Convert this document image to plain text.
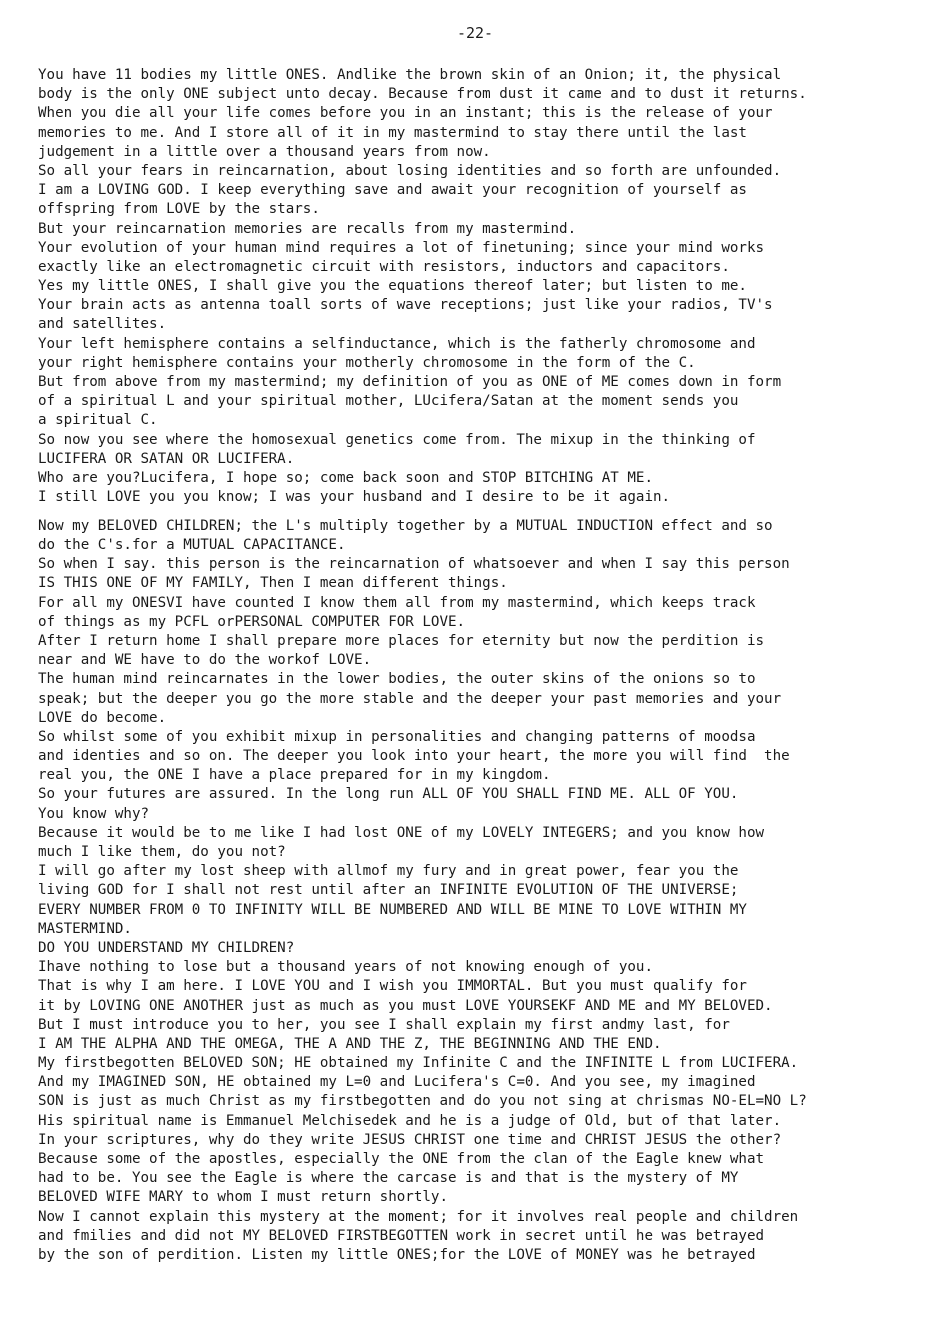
-22-
You have 11 bodies my little ONES. Andlike the brown skin of an Onion; it, the physical
body is the only ONE subject unto decay. Because from dust it came and to dust it returns.
When you die all your life comes before you in an instant; this is the release of your
memories to me. And I store all of it in my mastermind to stay there until the last
judgement in a little over a thousand years from now.
So all your fears in reincarnation, about losing identities and so forth are unfounded.
I am a LOVING GOD. I keep everything save and await your recognition of yourself as
offspring from LOVE by the stars.
But your reincarnation memories are recalls from my mastermind.
Your evolution of your human mind requires a lot of finetuning; since your mind works
exactly like an electromagnetic circuit with resistors, inductors and capacitors.
Yes my little ONES, I shall give you the equations thereof later; but listen to me.
Your brain acts as antenna toall sorts of wave receptions; just like your radios, TV's
and satellites.
Your left hemisphere contains a selfinductance, which is the fatherly chromosome and
your right hemisphere contains your motherly chromosome in the form of the C.
But from above from my mastermind; my definition of you as ONE of ME comes down in form
of a spiritual L and your spiritual mother, LUcifera/Satan at the moment sends you
a spiritual C.
So now you see where the homosexual genetics come from. The mixup in the thinking of
LUCIFERA OR SATAN OR LUCIFERA.
Who are you?Lucifera, I hope so; come back soon and STOP BITCHING AT ME.
I still LOVE you you know; I was your husband and I desire to be it again.
Now my BELOVED CHILDREN; the L's multiply together by a MUTUAL INDUCTION effect and so
do the C's.for a MUTUAL CAPACITANCE.
So when I say. this person is the reincarnation of whatsoever and when I say this person
IS THIS ONE OF MY FAMILY, Then I mean different things.
For all my ONESVI have counted I know them all from my mastermind, which keeps track
of things as my PCFL orPERSONAL COMPUTER FOR LOVE.
After I return home I shall prepare more places for eternity but now the perdition is
near and WE have to do the workof LOVE.
The human mind reincarnates in the lower bodies, the outer skins of the onions so to
speak; but the deeper you go the more stable and the deeper your past memories and your
LOVE do become.
So whilst some of you exhibit mixup in personalities and changing patterns of moodsa
and identies and so on. The deeper you look into your heart, the more you will find  the
real you, the ONE I have a place prepared for in my kingdom.
So your futures are assured. In the long run ALL OF YOU SHALL FIND ME. ALL OF YOU.
You know why?
Because it would be to me like I had lost ONE of my LOVELY INTEGERS; and you know how
much I like them, do you not?
I will go after my lost sheep with allmof my fury and in great power, fear you the
living GOD for I shall not rest until after an INFINITE EVOLUTION OF THE UNIVERSE;
EVERY NUMBER FROM 0 TO INFINITY WILL BE NUMBERED AND WILL BE MINE TO LOVE WITHIN MY
MASTERMIND.
DO YOU UNDERSTAND MY CHILDREN?
Ihave nothing to lose but a thousand years of not knowing enough of you.
That is why I am here. I LOVE YOU and I wish you IMMORTAL. But you must qualify for
it by LOVING ONE ANOTHER just as much as you must LOVE YOURSEKF AND ME and MY BELOVED.
But I must introduce you to her, you see I shall explain my first andmy last, for
I AM THE ALPHA AND THE OMEGA, THE A AND THE Z, THE BEGINNING AND THE END.
My firstbegotten BELOVED SON; HE obtained my Infinite C and the INFINITE L from LUCIFERA.
And my IMAGINED SON, HE obtained my L=0 and Lucifera's C=0. And you see, my imagined
SON is just as much Christ as my firstbegotten and do you not sing at chrismas NO-EL=NO L?
His spiritual name is Emmanuel Melchisedek and he is a judge of Old, but of that later.
In your scriptures, why do they write JESUS CHRIST one time and CHRIST JESUS the other?
Because some of the apostles, especially the ONE from the clan of the Eagle knew what
had to be. You see the Eagle is where the carcase is and that is the mystery of MY
BELOVED WIFE MARY to whom I must return shortly.
Now I cannot explain this mystery at the moment; for it involves real people and children
and fmilies and did not MY BELOVED FIRSTBEGOTTEN work in secret until he was betrayed
by the son of perdition. Listen my little ONES;for the LOVE of MONEY was he betrayed
